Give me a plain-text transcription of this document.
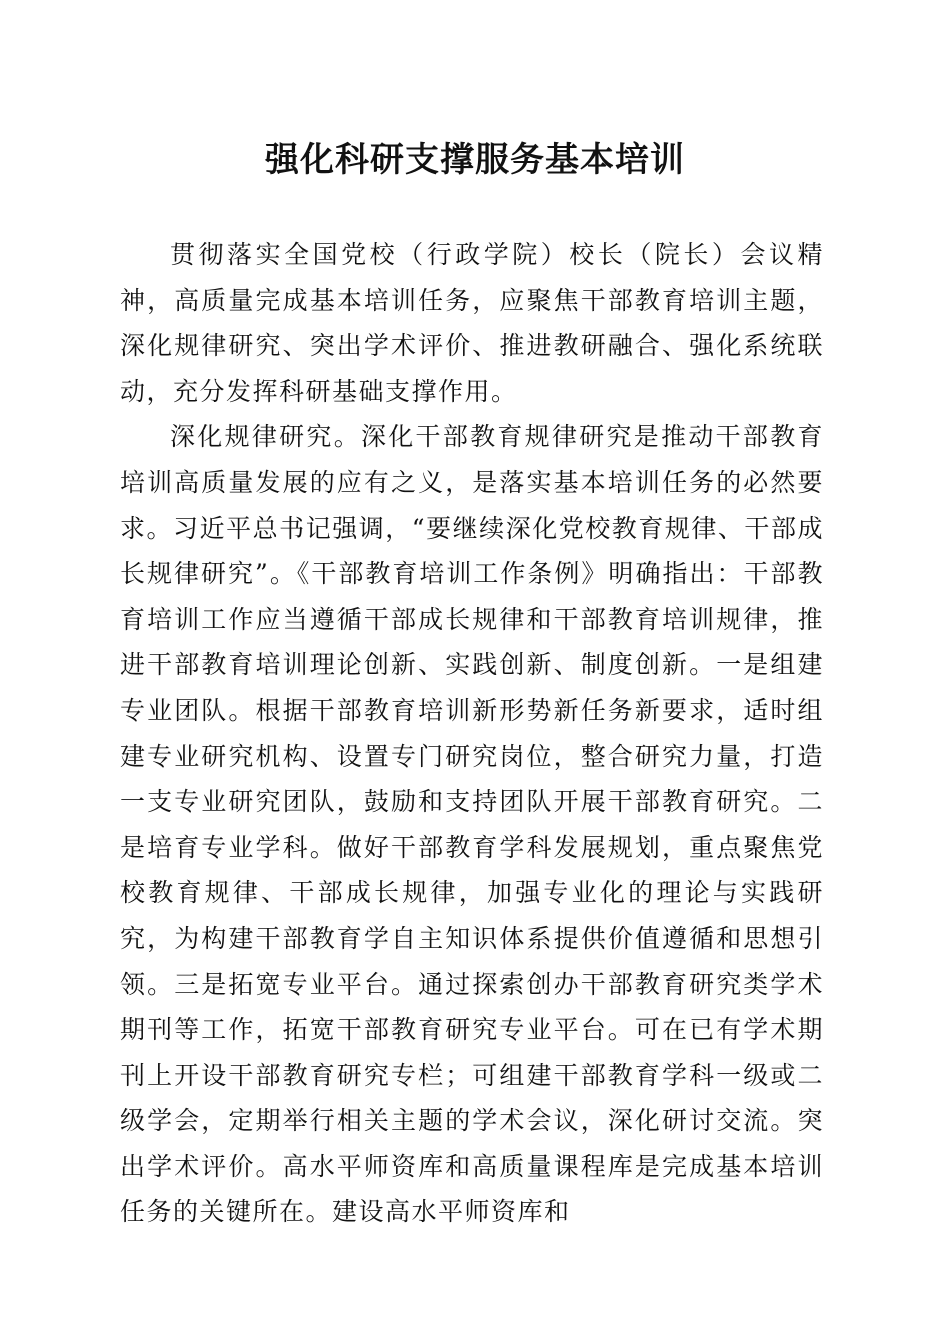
强化科研支撑服务基本培训

贯彻落实全国党校（行政学院）校长（院长）会议精神，高质量完成基本培训任务，应聚焦干部教育培训主题，深化规律研究、突出学术评价、推进教研融合、强化系统联动，充分发挥科研基础支撑作用。

深化规律研究。深化干部教育规律研究是推动干部教育培训高质量发展的应有之义，是落实基本培训任务的必然要求。习近平总书记强调，“要继续深化党校教育规律、干部成长规律研究”。《干部教育培训工作条例》明确指出：干部教育培训工作应当遵循干部成长规律和干部教育培训规律，推进干部教育培训理论创新、实践创新、制度创新。一是组建专业团队。根据干部教育培训新形势新任务新要求，适时组建专业研究机构、设置专门研究岗位，整合研究力量，打造一支专业研究团队，鼓励和支持团队开展干部教育研究。二是培育专业学科。做好干部教育学科发展规划，重点聚焦党校教育规律、干部成长规律，加强专业化的理论与实践研究，为构建干部教育学自主知识体系提供价值遵循和思想引领。三是拓宽专业平台。通过探索创办干部教育研究类学术期刊等工作，拓宽干部教育研究专业平台。可在已有学术期刊上开设干部教育研究专栏；可组建干部教育学科一级或二级学会，定期举行相关主题的学术会议，深化研讨交流。突出学术评价。高水平师资库和高质量课程库是完成基本培训任务的关键所在。建设高水平师资库和
